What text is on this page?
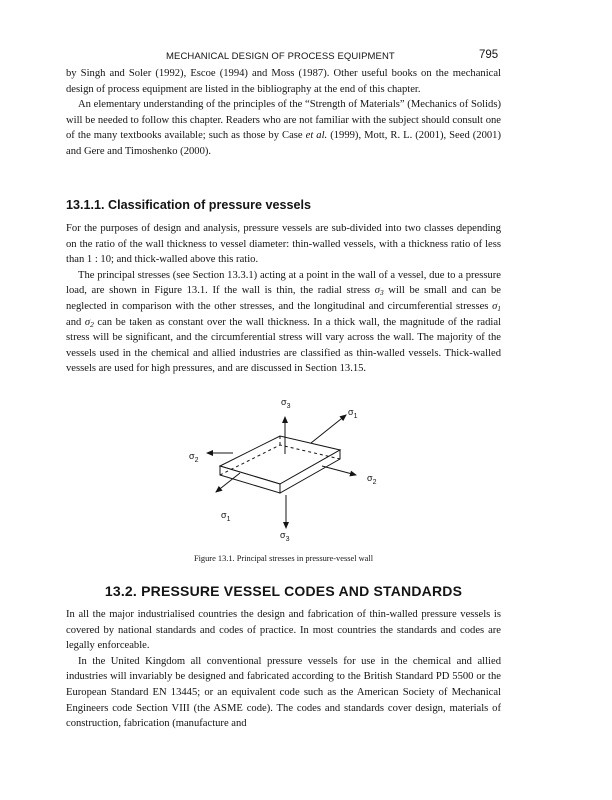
MECHANICAL DESIGN OF PROCESS EQUIPMENT	795

by Singh and Soler (1992), Escoe (1994) and Moss (1987). Other useful books on the mechanical design of process equipment are listed in the bibliography at the end of this chapter.

An elementary understanding of the principles of the “Strength of Materials” (Mechanics of Solids) will be needed to follow this chapter. Readers who are not familiar with the subject should consult one of the many textbooks available; such as those by Case et al. (1999), Mott, R. L. (2001), Seed (2001) and Gere and Timoshenko (2000).

13.1.1. Classification of pressure vessels

For the purposes of design and analysis, pressure vessels are sub-divided into two classes depending on the ratio of the wall thickness to vessel diameter: thin-walled vessels, with a thickness ratio of less than 1 : 10; and thick-walled above this ratio.

The principal stresses (see Section 13.3.1) acting at a point in the wall of a vessel, due to a pressure load, are shown in Figure 13.1. If the wall is thin, the radial stress $\sigma_3$ will be small and can be neglected in comparison with the other stresses, and the longitudinal and circumferential stresses $\sigma_1$ and $\sigma_2$ can be taken as constant over the wall thickness. In a thick wall, the magnitude of the radial stress will be significant, and the circumferential stress will vary across the wall. The majority of the vessels used in the chemical and allied industries are classified as thin-walled vessels. Thick-walled vessels are used for high pressures, and are discussed in Section 13.15.

$\sigma_3$
$\sigma_1$
$\sigma_2$
$\sigma_2$
$\sigma_1$
$\sigma_3$
Figure 13.1. Principal stresses in pressure-vessel wall
13.2. PRESSURE VESSEL CODES AND STANDARDS

In all the major industrialised countries the design and fabrication of thin-walled pressure vessels is covered by national standards and codes of practice. In most countries the standards and codes are legally enforceable.

In the United Kingdom all conventional pressure vessels for use in the chemical and allied industries will invariably be designed and fabricated according to the British Standard PD 5500 or the European Standard EN 13445; or an equivalent code such as the American Society of Mechanical Engineers code Section VIII (the ASME code). The codes and standards cover design, materials of construction, fabrication (manufacture and
